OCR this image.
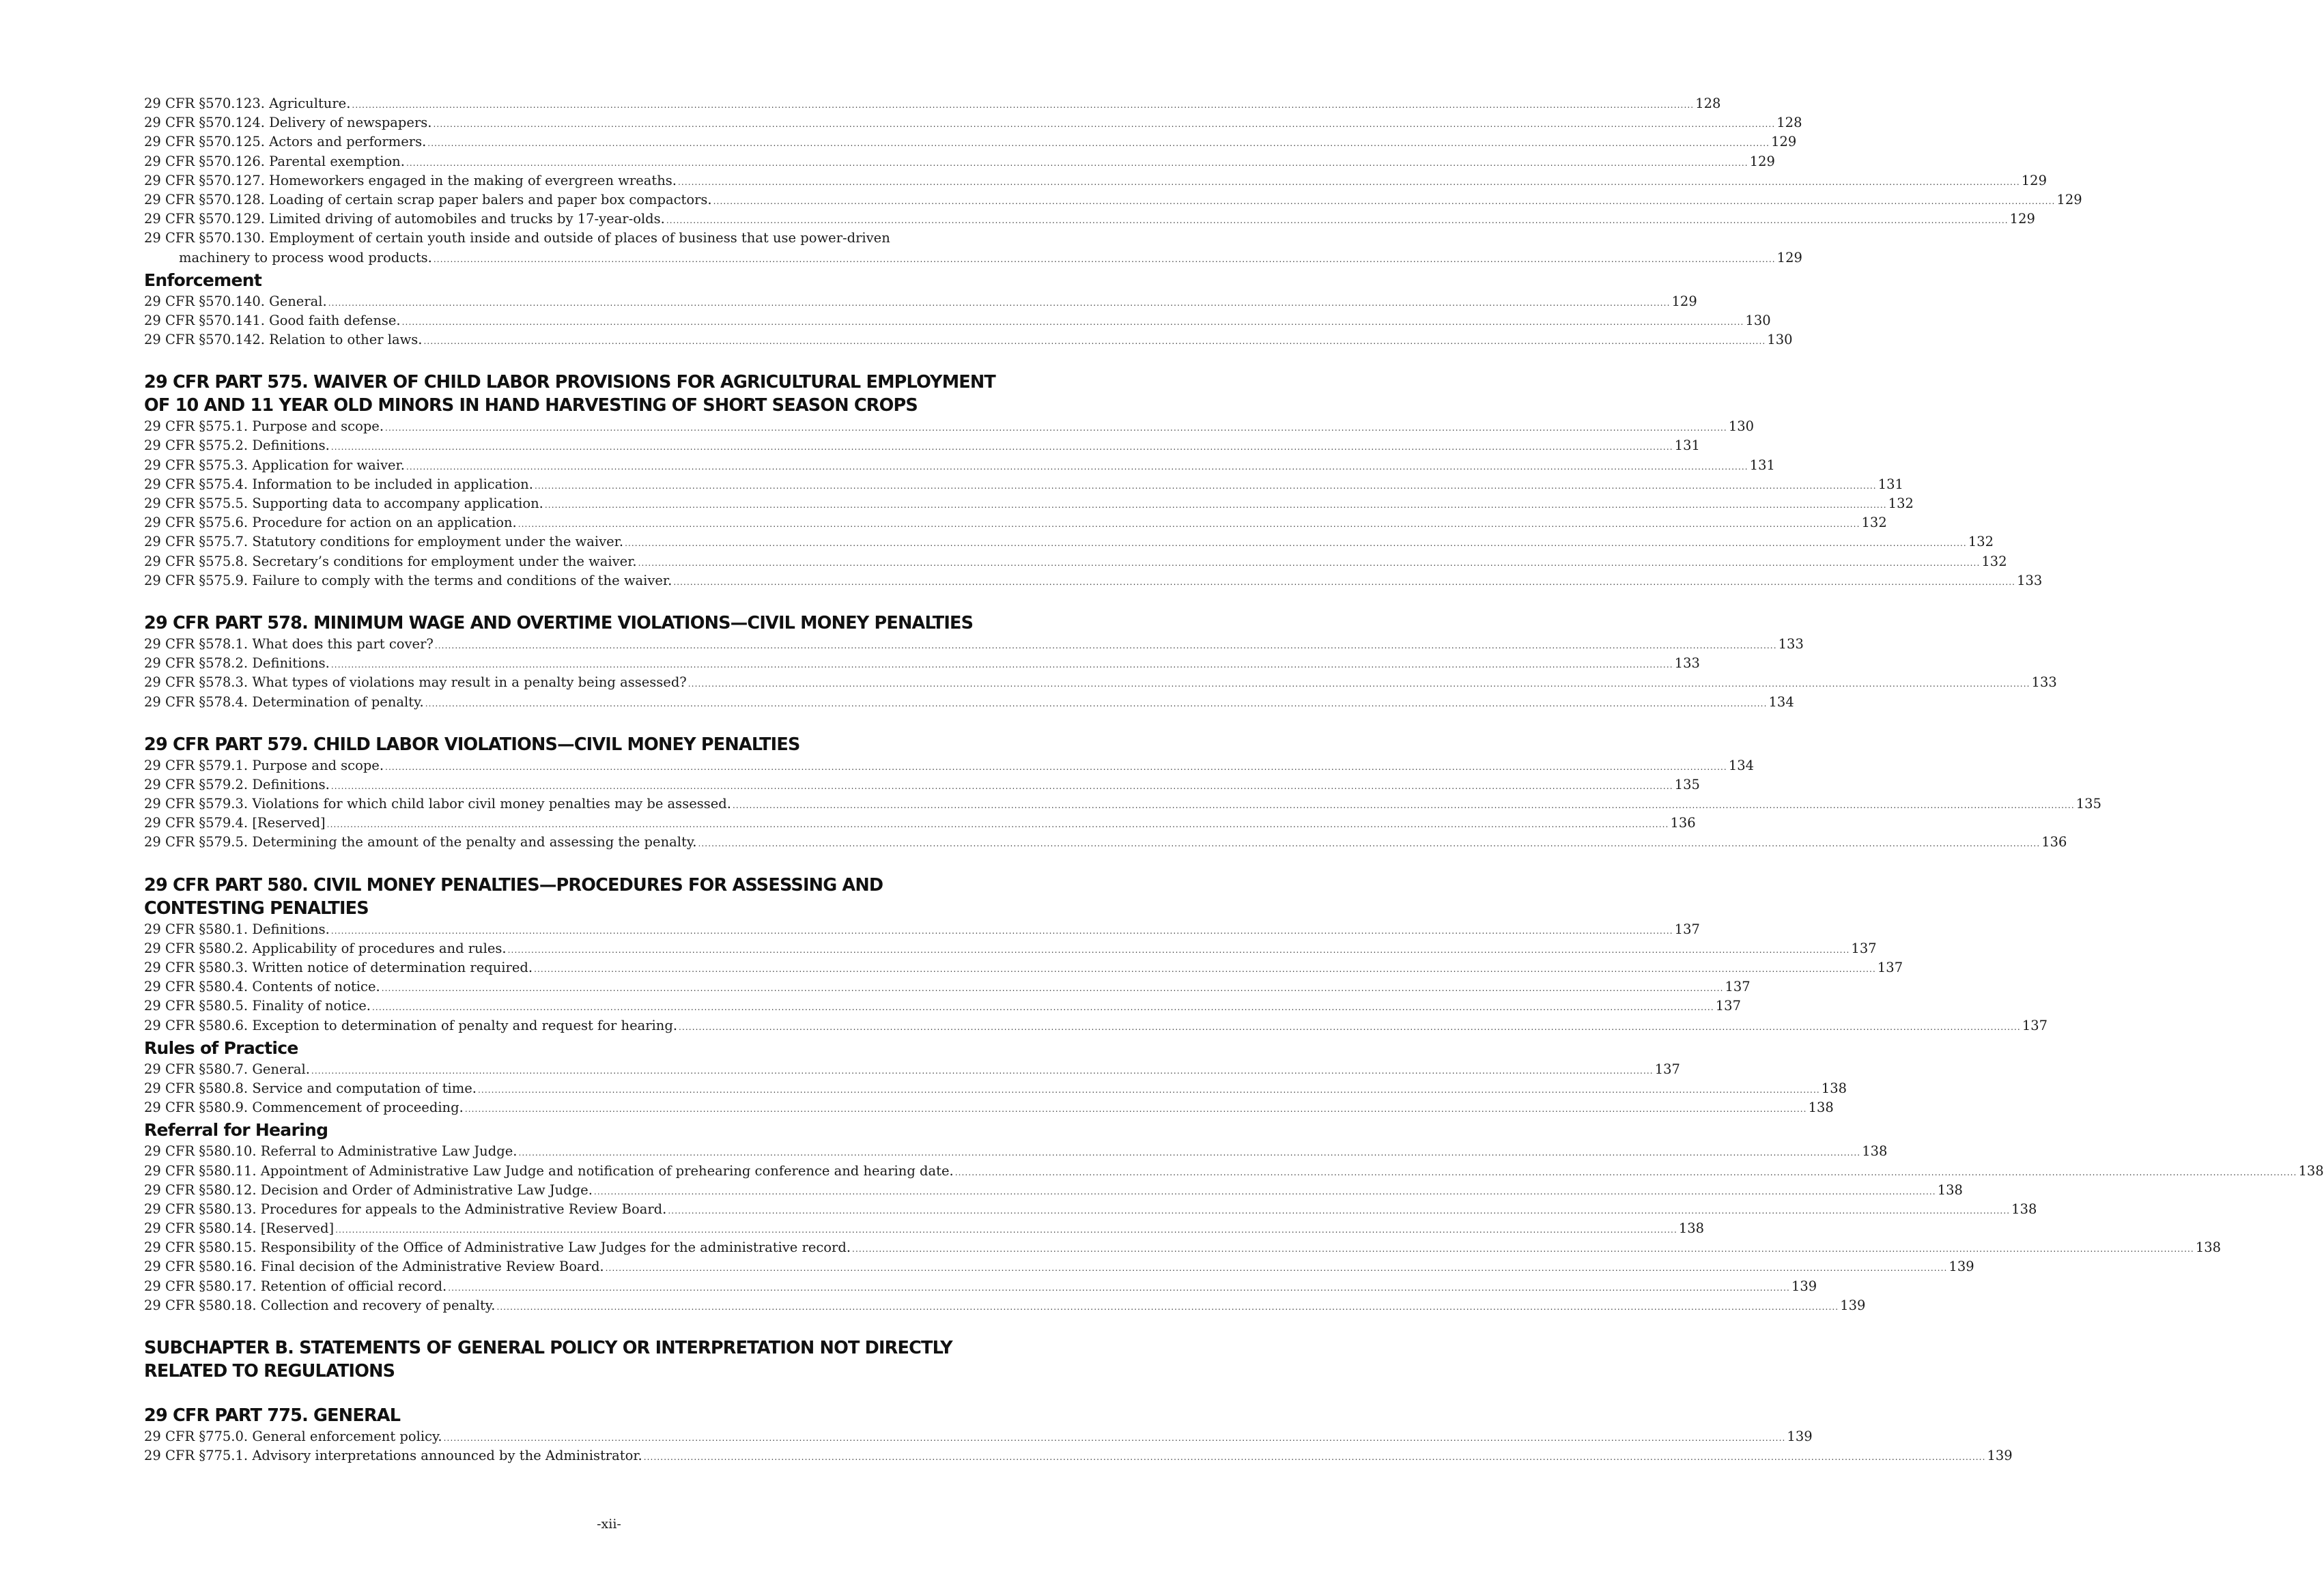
29 CFR §570.123. Agriculture. ................................................................................................................................................................................................................................................................................................................................................................................................................ 128
29 CFR §570.124. Delivery of newspapers. ................................................................................................................................................................................................................................................................................................................................................................................................................ 128
29 CFR §570.125. Actors and performers. ................................................................................................................................................................................................................................................................................................................................................................................................................ 129
29 CFR §570.126. Parental exemption. ................................................................................................................................................................................................................................................................................................................................................................................................................ 129
29 CFR §570.127. Homeworkers engaged in the making of evergreen wreaths. ................................................................................................................................................................................................................................................................................................................................................................................................................ 129
29 CFR §570.128. Loading of certain scrap paper balers and paper box compactors. ................................................................................................................................................................................................................................................................................................................................................................................................................ 129
29 CFR §570.129. Limited driving of automobiles and trucks by 17-year-olds. ................................................................................................................................................................................................................................................................................................................................................................................................................ 129
29 CFR §570.130. Employment of certain youth inside and outside of places of business that use power-driven
machinery to process wood products. ................................................................................................................................................................................................................................................................................................................................................................................................................ 129
Enforcement
29 CFR §570.140. General. ................................................................................................................................................................................................................................................................................................................................................................................................................ 129
29 CFR §570.141. Good faith defense. ................................................................................................................................................................................................................................................................................................................................................................................................................ 130
29 CFR §570.142. Relation to other laws. ................................................................................................................................................................................................................................................................................................................................................................................................................ 130
29 CFR PART 575. WAIVER OF CHILD LABOR PROVISIONS FOR AGRICULTURAL EMPLOYMENT OF 10 AND 11 YEAR OLD MINORS IN HAND HARVESTING OF SHORT SEASON CROPS
29 CFR §575.1. Purpose and scope. ................................................................................................................................................................................................................................................................................................................................................................................................................ 130
29 CFR §575.2. Definitions. ................................................................................................................................................................................................................................................................................................................................................................................................................ 131
29 CFR §575.3. Application for waiver. ................................................................................................................................................................................................................................................................................................................................................................................................................ 131
29 CFR §575.4. Information to be included in application. ................................................................................................................................................................................................................................................................................................................................................................................................................ 131
29 CFR §575.5. Supporting data to accompany application. ................................................................................................................................................................................................................................................................................................................................................................................................................ 132
29 CFR §575.6. Procedure for action on an application. ................................................................................................................................................................................................................................................................................................................................................................................................................ 132
29 CFR §575.7. Statutory conditions for employment under the waiver. ................................................................................................................................................................................................................................................................................................................................................................................................................ 132
29 CFR §575.8. Secretary’s conditions for employment under the waiver. ................................................................................................................................................................................................................................................................................................................................................................................................................ 132
29 CFR §575.9. Failure to comply with the terms and conditions of the waiver. ................................................................................................................................................................................................................................................................................................................................................................................................................ 133
29 CFR PART 578. MINIMUM WAGE AND OVERTIME VIOLATIONS—CIVIL MONEY PENALTIES
29 CFR §578.1. What does this part cover? ................................................................................................................................................................................................................................................................................................................................................................................................................ 133
29 CFR §578.2. Definitions. ................................................................................................................................................................................................................................................................................................................................................................................................................ 133
29 CFR §578.3. What types of violations may result in a penalty being assessed? ................................................................................................................................................................................................................................................................................................................................................................................................................ 133
29 CFR §578.4. Determination of penalty. ................................................................................................................................................................................................................................................................................................................................................................................................................ 134
29 CFR PART 579. CHILD LABOR VIOLATIONS—CIVIL MONEY PENALTIES
29 CFR §579.1. Purpose and scope. ................................................................................................................................................................................................................................................................................................................................................................................................................ 134
29 CFR §579.2. Definitions. ................................................................................................................................................................................................................................................................................................................................................................................................................ 135
29 CFR §579.3. Violations for which child labor civil money penalties may be assessed. ................................................................................................................................................................................................................................................................................................................................................................................................................ 135
29 CFR §579.4. [Reserved] ................................................................................................................................................................................................................................................................................................................................................................................................................ 136
29 CFR §579.5. Determining the amount of the penalty and assessing the penalty. ................................................................................................................................................................................................................................................................................................................................................................................................................ 136
29 CFR PART 580. CIVIL MONEY PENALTIES—PROCEDURES FOR ASSESSING AND CONTESTING PENALTIES
29 CFR §580.1. Definitions. ................................................................................................................................................................................................................................................................................................................................................................................................................ 137
29 CFR §580.2. Applicability of procedures and rules. ................................................................................................................................................................................................................................................................................................................................................................................................................ 137
29 CFR §580.3. Written notice of determination required. ................................................................................................................................................................................................................................................................................................................................................................................................................ 137
29 CFR §580.4. Contents of notice. ................................................................................................................................................................................................................................................................................................................................................................................................................ 137
29 CFR §580.5. Finality of notice. ................................................................................................................................................................................................................................................................................................................................................................................................................ 137
29 CFR §580.6. Exception to determination of penalty and request for hearing. ................................................................................................................................................................................................................................................................................................................................................................................................................ 137
Rules of Practice
29 CFR §580.7. General. ................................................................................................................................................................................................................................................................................................................................................................................................................ 137
29 CFR §580.8. Service and computation of time. ................................................................................................................................................................................................................................................................................................................................................................................................................ 138
29 CFR §580.9. Commencement of proceeding. ................................................................................................................................................................................................................................................................................................................................................................................................................ 138
Referral for Hearing
29 CFR §580.10. Referral to Administrative Law Judge. ................................................................................................................................................................................................................................................................................................................................................................................................................ 138
29 CFR §580.11. Appointment of Administrative Law Judge and notification of prehearing conference and hearing date. ................................................................................................................................................................................................................................................................................................................................................................................................................ 138
29 CFR §580.12. Decision and Order of Administrative Law Judge. ................................................................................................................................................................................................................................................................................................................................................................................................................ 138
29 CFR §580.13. Procedures for appeals to the Administrative Review Board. ................................................................................................................................................................................................................................................................................................................................................................................................................ 138
29 CFR §580.14. [Reserved] ................................................................................................................................................................................................................................................................................................................................................................................................................ 138
29 CFR §580.15. Responsibility of the Office of Administrative Law Judges for the administrative record. ................................................................................................................................................................................................................................................................................................................................................................................................................ 138
29 CFR §580.16. Final decision of the Administrative Review Board. ................................................................................................................................................................................................................................................................................................................................................................................................................ 139
29 CFR §580.17. Retention of official record. ................................................................................................................................................................................................................................................................................................................................................................................................................ 139
29 CFR §580.18. Collection and recovery of penalty. ................................................................................................................................................................................................................................................................................................................................................................................................................ 139
SUBCHAPTER B. STATEMENTS OF GENERAL POLICY OR INTERPRETATION NOT DIRECTLY RELATED TO REGULATIONS
29 CFR PART 775. GENERAL
29 CFR §775.0. General enforcement policy. ................................................................................................................................................................................................................................................................................................................................................................................................................ 139
29 CFR §775.1. Advisory interpretations announced by the Administrator. ................................................................................................................................................................................................................................................................................................................................................................................................................ 139
-xii-
